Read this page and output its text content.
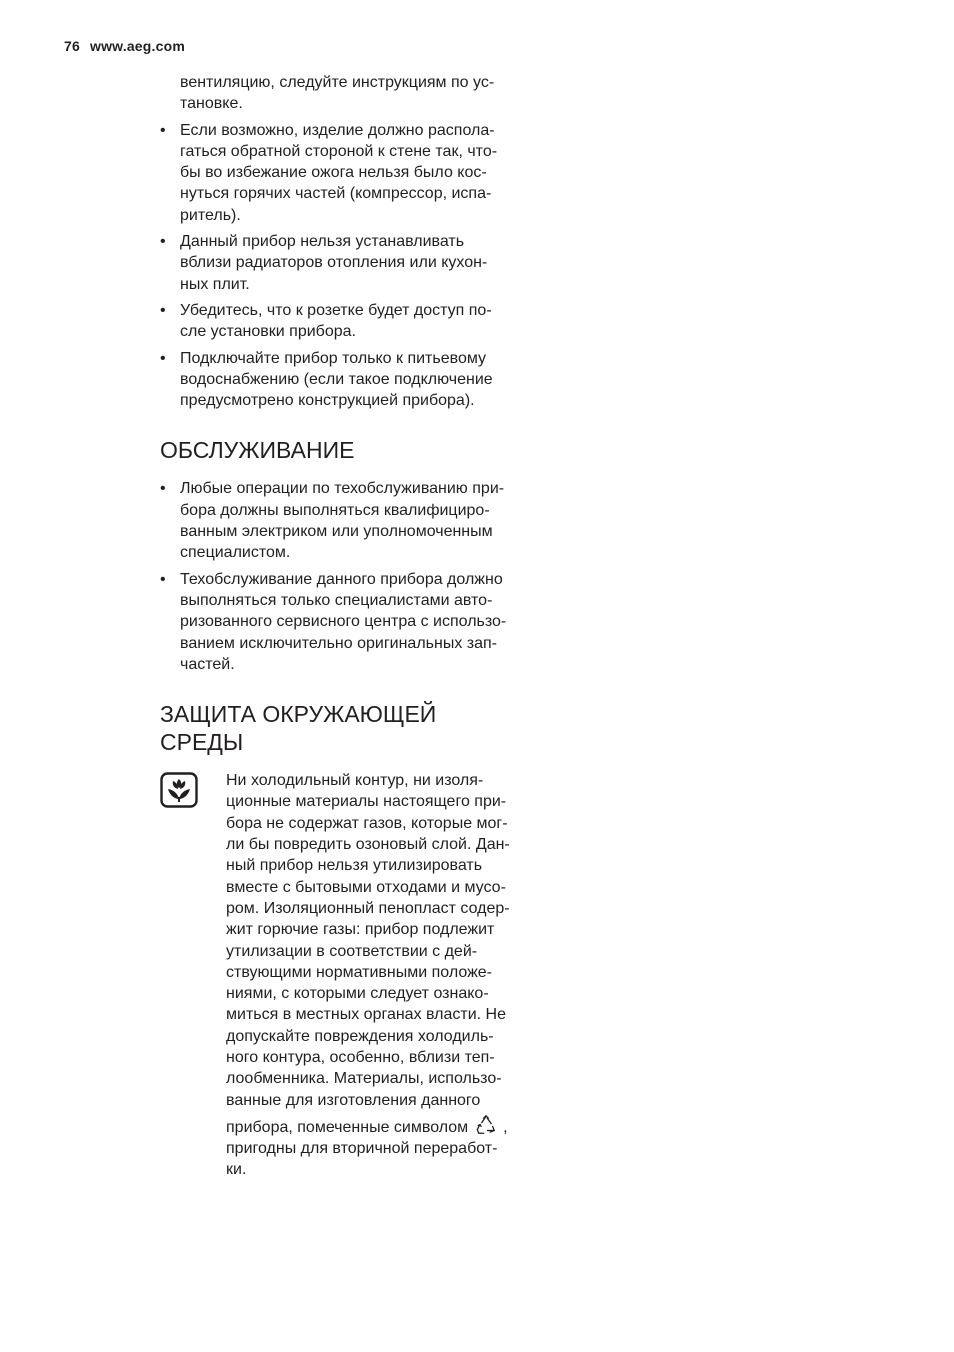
76 www.aeg.com
вентиляцию, следуйте инструкциям по ус-
тановке.
• Если возможно, изделие должно распола-
гаться обратной стороной к стене так, что-
бы во избежание ожога нельзя было кос-
нуться горячих частей (компрессор, испа-
ритель).
• Данный прибор нельзя устанавливать
вблизи радиаторов отопления или кухон-
ных плит.
• Убедитесь, что к розетке будет доступ по-
сле установки прибора.
• Подключайте прибор только к питьевому
водоснабжению (если такое подключение
предусмотрено конструкцией прибора).
ОБСЛУЖИВАНИЕ
• Любые операции по техобслуживанию при-
бора должны выполняться квалифициро-
ванным электриком или уполномоченным
специалистом.
• Техобслуживание данного прибора должно
выполняться только специалистами авто-
ризованного сервисного центра с использо-
ванием исключительно оригинальных зап-
частей.
ЗАЩИТА ОКРУЖАЮЩЕЙ СРЕДЫ
Ни холодильный контур, ни изоля-
ционные материалы настоящего при-
бора не содержат газов, которые мог-
ли бы повредить озоновый слой. Дан-
ный прибор нельзя утилизировать
вместе с бытовыми отходами и мусо-
ром. Изоляционный пенопласт содер-
жит горючие газы: прибор подлежит
утилизации в соответствии с дей-
ствующими нормативными положе-
ниями, с которыми следует ознако-
миться в местных органах власти. Не
допускайте повреждения холодиль-
ного контура, особенно, вблизи теп-
лообменника. Материалы, использо-
ванные для изготовления данного
прибора, помеченные символом ,
пригодны для вторичной переработ-
ки.
